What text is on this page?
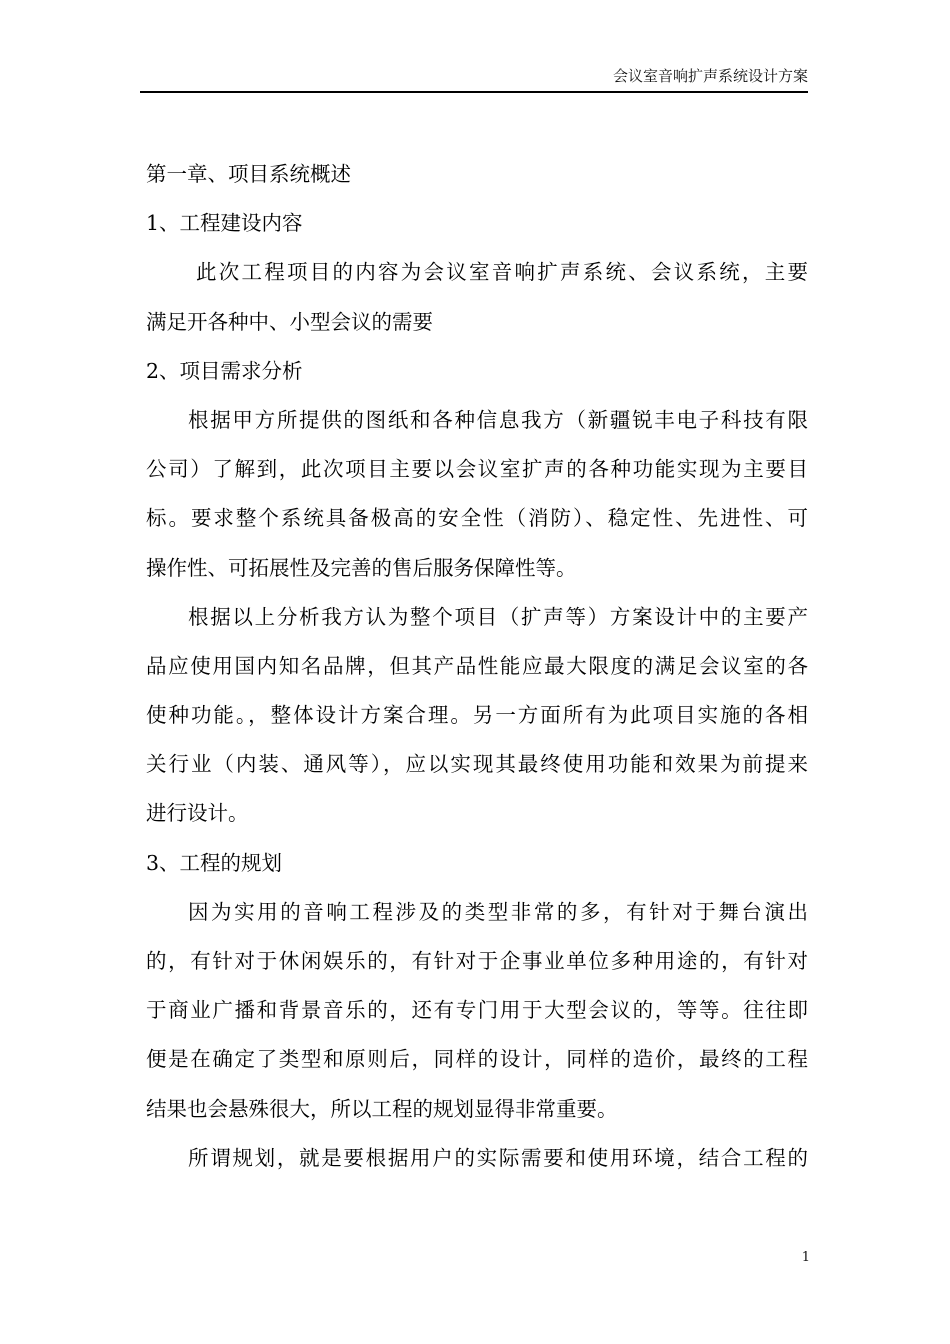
会议室音响扩声系统设计方案
第一章、项目系统概述
1、工程建设内容
此次工程项目的内容为会议室音响扩声系统、会议系统，主要
满足开各种中、小型会议的需要
2、项目需求分析
根据甲方所提供的图纸和各种信息我方（新疆锐丰电子科技有限
公司）了解到，此次项目主要以会议室扩声的各种功能实现为主要目
标。要求整个系统具备极高的安全性（消防）、稳定性、先进性、可
操作性、可拓展性及完善的售后服务保障性等。
根据以上分析我方认为整个项目（扩声等）方案设计中的主要产
品应使用国内知名品牌，但其产品性能应最大限度的满足会议室的各
使种功能。，整体设计方案合理。另一方面所有为此项目实施的各相
关行业（内装、通风等），应以实现其最终使用功能和效果为前提来
进行设计。
3、工程的规划
因为实用的音响工程涉及的类型非常的多，有针对于舞台演出
的，有针对于休闲娱乐的，有针对于企事业单位多种用途的，有针对
于商业广播和背景音乐的，还有专门用于大型会议的，等等。往往即
便是在确定了类型和原则后，同样的设计，同样的造价，最终的工程
结果也会悬殊很大，所以工程的规划显得非常重要。
所谓规划，就是要根据用户的实际需要和使用环境，结合工程的
1
